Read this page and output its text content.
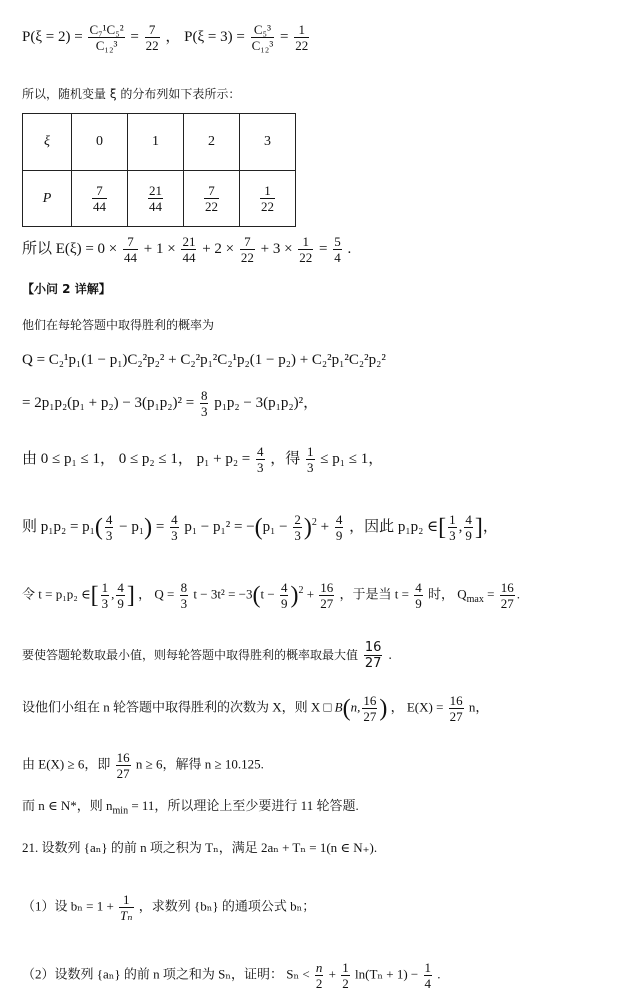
$P(\xi = 2) = \frac{\text{C₇¹C₅²}}{\text{C₁₂³}} = \frac{7}{22}$ ， $P(\xi = 3) = \frac{\text{C₅³}}{\text{C₁₂³}} = \frac{1}{22}$
所以，随机变量 ξ 的分布列如下表所示：
ξ	0	1	2	3
P	$\frac{7}{44}$	$\frac{21}{44}$	$\frac{7}{22}$	$\frac{1}{22}$
所以 $E(\xi) = 0 \times \frac{7}{44} + 1 \times \frac{21}{44} + 2 \times \frac{7}{22} + 3 \times \frac{1}{22} = \frac{5}{4}$ .
【小问 2 详解】
他们在每轮答题中取得胜利的概率为
Q = C₂¹p₁(1 − p₁)C₂²p₂² + C₂²p₁²C₂¹p₂(1 − p₂) + C₂²p₁²C₂²p₂²
= $2p_1p_2(p_1 + p_2) - 3(p_1p_2)^2 = \frac{8}{3} p_1p_2 - 3(p_1p_2)^2$，
由 0 ≤ p₁ ≤ 1， 0 ≤ p₂ ≤ 1， $p_1 + p_2 = \frac{4}{3}$ ，得 $\frac{1}{3} \le p_1 \le 1$，
则 $p_1p_2 = p_1( \frac{4}{3} - p_1) = \frac{4}{3} p_1 - p_1^2 = -(p_1 - \frac{2}{3} )^2 + \frac{4}{9}$ ，因此 p₁p₂ ∈[ $\frac{1}{3}$ , $\frac{4}{9}$ ]，
令 t = p₁p₂ ∈[ $\frac{1}{3}$ , $\frac{4}{9}$ ] ， $Q = \frac{8}{3}$ $t - 3t^2 = -3(t - \frac{4}{9} )^2 + \frac{16}{27}$ ，于是当 $t = \frac{4}{9}$ 时， $Q_{max} = \frac{16}{27}$ .
要使答题轮数取最小值，则每轮答题中取得胜利的概率取最大值 $\frac{16}{27}$ .
设他们小组在 n 轮答题中取得胜利的次数为 X，则 X □ B(n, $\frac{16}{27}$ ) ， $E(X) = \frac{16}{27}$ n，
由 E(X) ≥ 6，即 $\frac{16}{27}$ n ≥ 6，解得 n ≥ 10.125.
而 n ∈ N*，则 $n_{min} = 11$，所以理论上至少要进行 11 轮答题.
21. 设数列 {aₙ} 的前 n 项之积为 Tₙ，满足 2aₙ + Tₙ = 1(n ∈ N₊).
（1）设 $b_n = 1 + \frac{1}{\text{Tₙ}}$ ，求数列 {bₙ} 的通项公式 bₙ；
（2）设数列 {aₙ} 的前 n 项之和为 Sₙ，证明： $S_n < \frac{n}{2} + \frac{1}{2} \ln(T_n + 1) - \frac{1}{4}$ .
